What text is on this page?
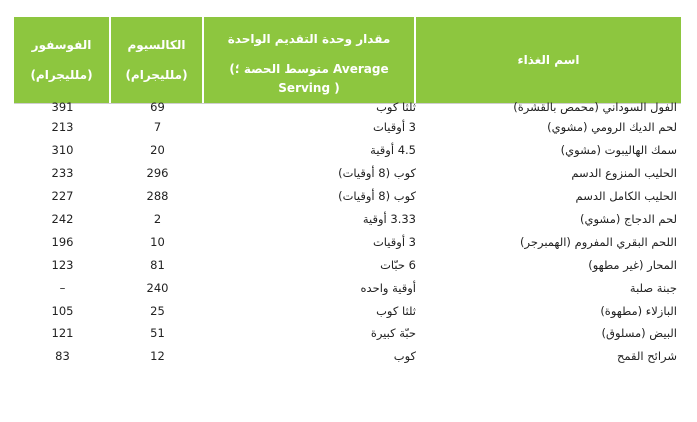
اسم الغذاء
مقدار وحدة التقديم الواحدة
(متوسط الحصة ؛ Average
Serving )
الكالسيوم
(ملليجرام)
الفوسفور
(ملليجرام)
الفول السوداني (محمص بالقشرة)
ثلثا كوب
69
391
لحم الديك الرومي (مشوي)
3 أوقيات
7
213
سمك الهاليبوت (مشوي)
4.5 أوقية
20
310
الحليب المنزوع الدسم
كوب (8 أوقيات)
296
233
الحليب الكامل الدسم
كوب (8 أوقيات)
288
227
لحم الدجاج (مشوي)
3.33 أوقية
2
242
اللحم البقري المفروم (الهمبرجر)
3 أوقيات
10
196
المحار (غير مطهو)
6 حبّات
81
123
جبنة صلبة
أوقية واحده
240
–
البازلاء (مطهوة)
ثلثا كوب
25
105
البيض (مسلوق)
حبّة كبيرة
51
121
شرائح القمح
كوب
12
83
